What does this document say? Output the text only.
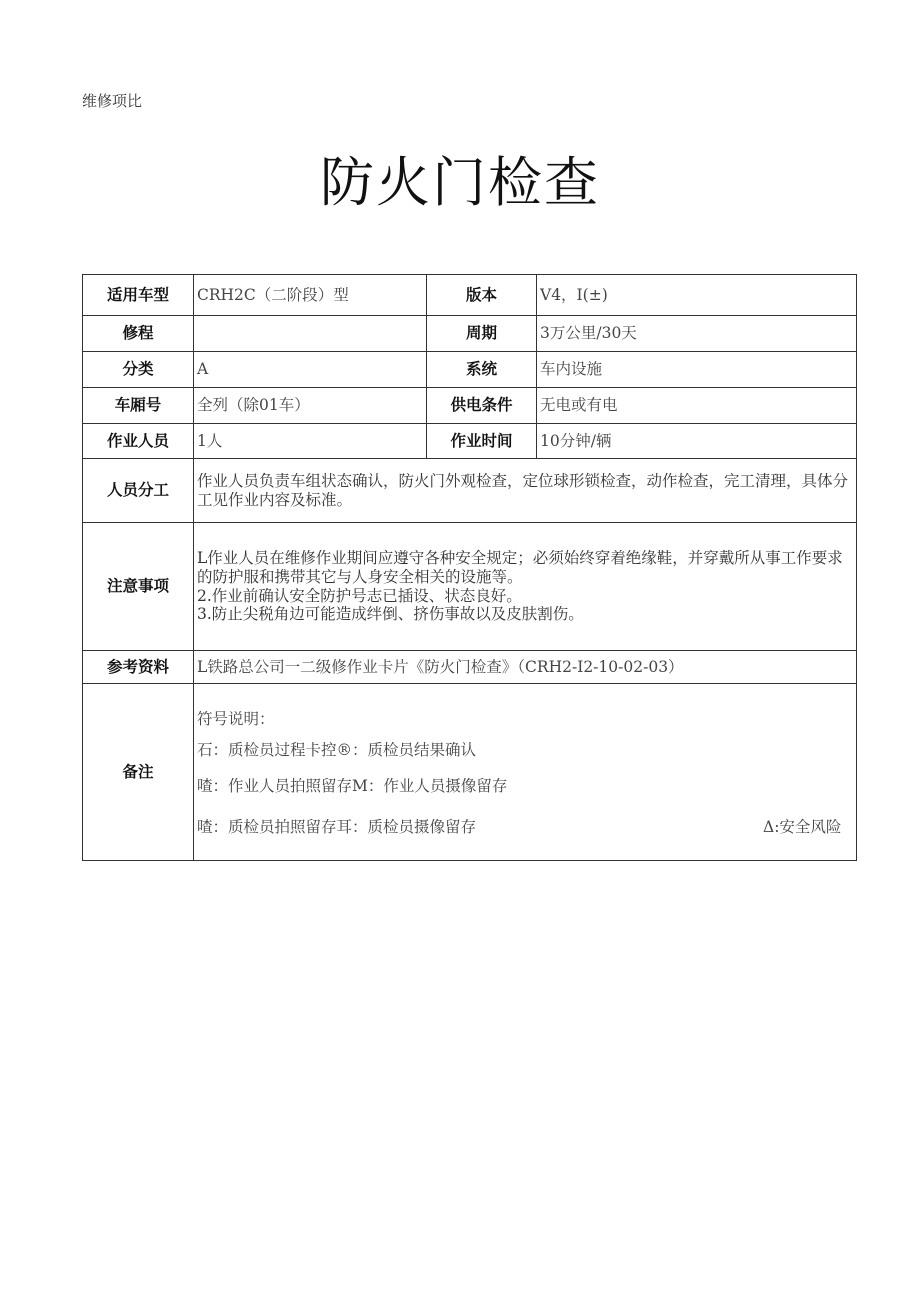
维修项比
防火门检查
适用车型	CRH2C（二阶段）型	版本	V4，I(±)
修程		周期	3万公里/30天
分类	A	系统	车内设施
车厢号	全列（除01车）	供电条件	无电或有电
作业人员	1人	作业时间	10分钟/辆
人员分工	作业人员负责车组状态确认，防火门外观检查，定位球形锁检查，动作检查，完工清理，具体分工见作业内容及标准。		

注意事项	L作业人员在维修作业期间应遵守各种安全规定；必须始终穿着绝缘鞋，并穿戴所从事工作要求的防护服和携带其它与人身安全相关的设施等。
2.作业前确认安全防护号志已插设、状态良好。
3.防止尖税角边可能造成绊倒、挤伤事故以及皮肤割伤。		

参考资料	L铁路总公司一二级修作业卡片《防火门检查》（CRH2-I2-10-02-03）		
备注	符号说明：
石：质检员过程卡控®：质检员结果确认
喳：作业人员拍照留存M：作业人员摄像留存
喳：质检员拍照留存耳：质检员摄像留存 Δ:安全风险		
